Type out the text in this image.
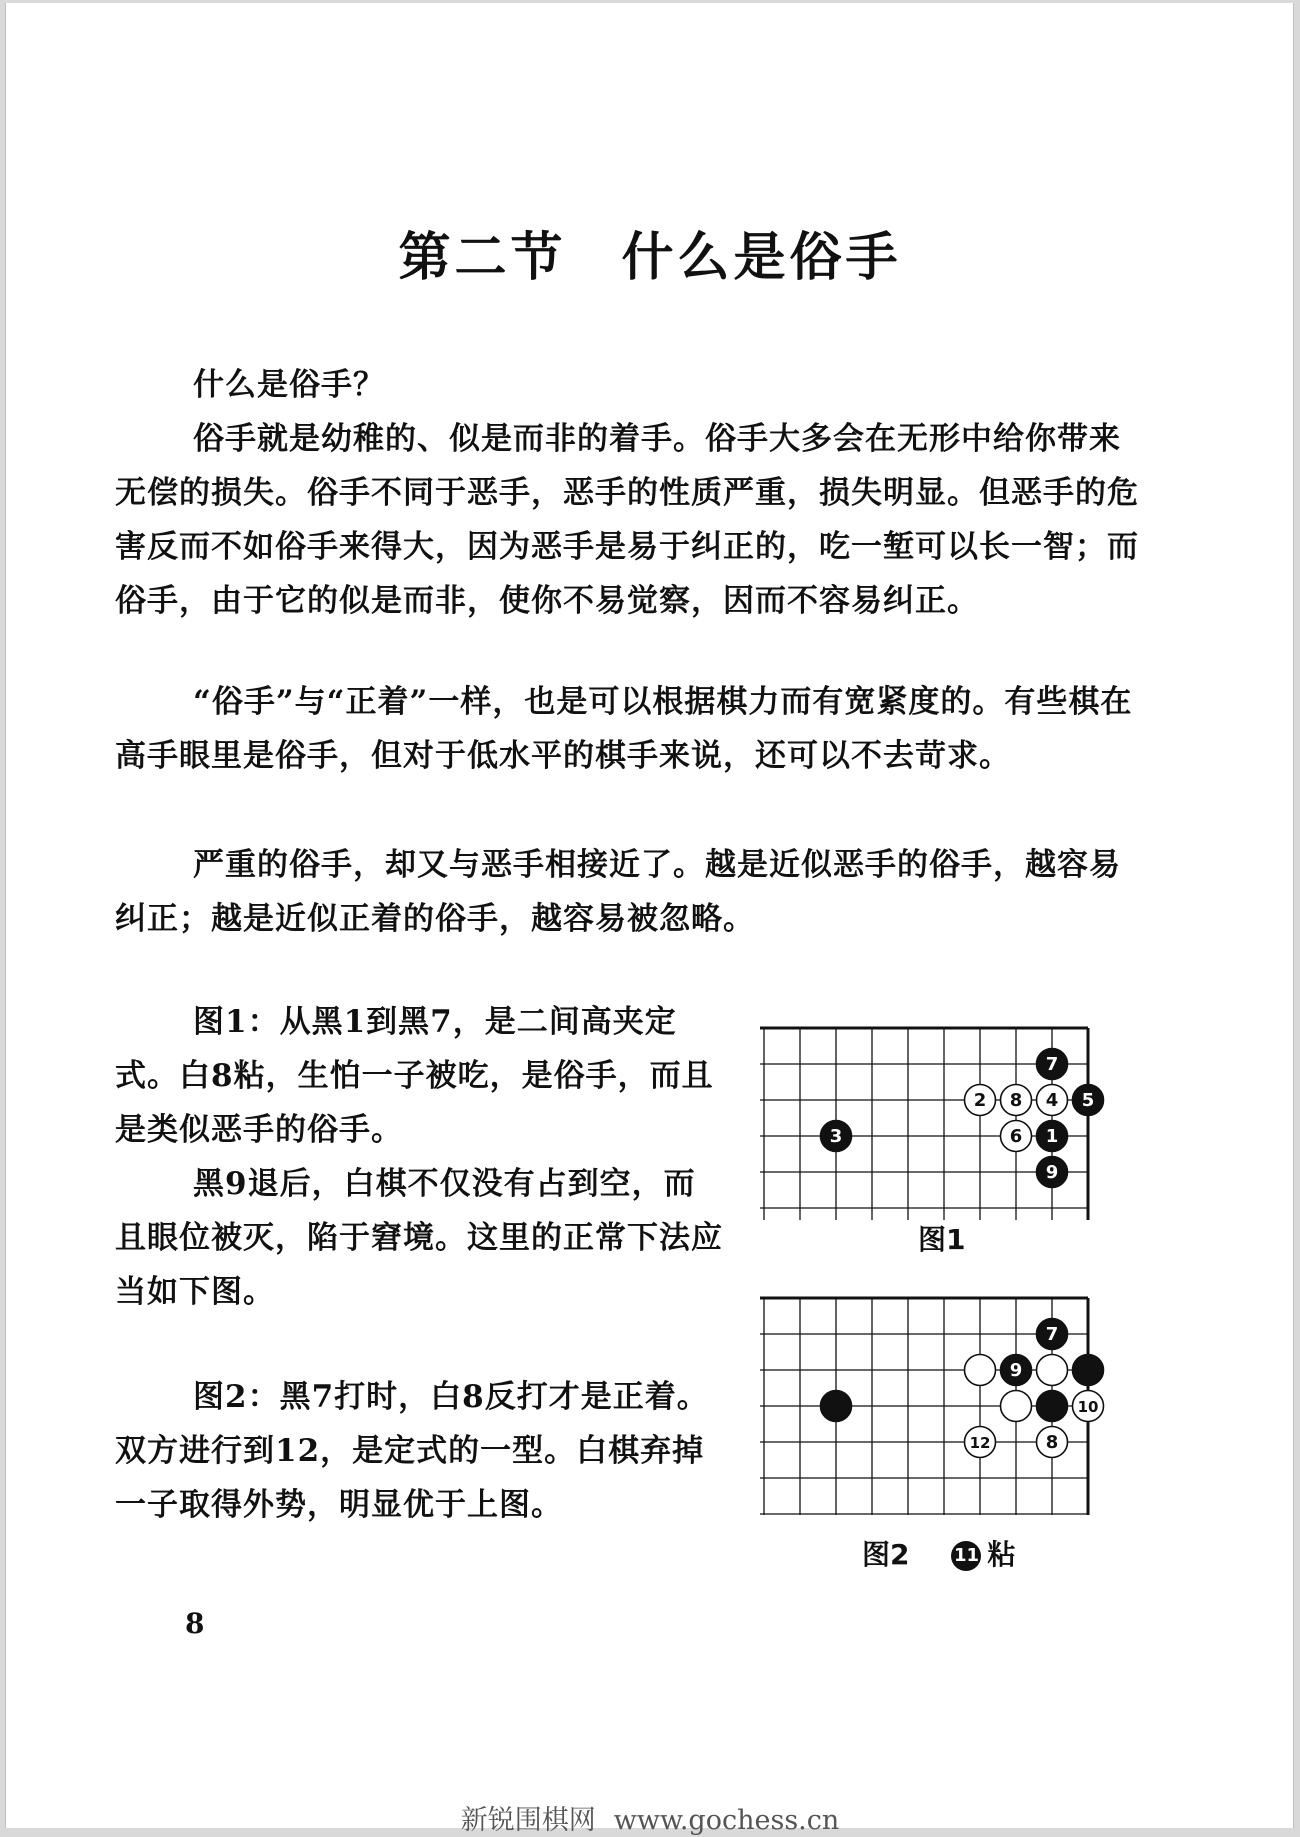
第二节 什么是俗手

什么是俗手？

俗手就是幼稚的、似是而非的着手。俗手大多会在无形中给你带来无偿的损失。俗手不同于恶手，恶手的性质严重，损失明显。但恶手的危害反而不如俗手来得大，因为恶手是易于纠正的，吃一堑可以长一智；而俗手，由于它的似是而非，使你不易觉察，因而不容易纠正。

“俗手”与“正着”一样，也是可以根据棋力而有宽紧度的。有些棋在高手眼里是俗手，但对于低水平的棋手来说，还可以不去苛求。

严重的俗手，却又与恶手相接近了。越是近似恶手的俗手，越容易纠正；越是近似正着的俗手，越容易被忽略。

图1：从黑1到黑7，是二间高夹定式。白8粘，生怕一子被吃，是俗手，而且是类似恶手的俗手。

黑9退后，白棋不仅没有占到空，而且眼位被灭，陷于窘境。这里的正常下法应当如下图。

图2：黑7打时，白8反打才是正着。双方进行到12，是定式的一型。白棋弃掉一子取得外势，明显优于上图。

7
2 8 4 5
3	6 1
9

图1

7
9
10
12	8

图2 11 粘

8

新锐围棋网 www.gochess.cn
